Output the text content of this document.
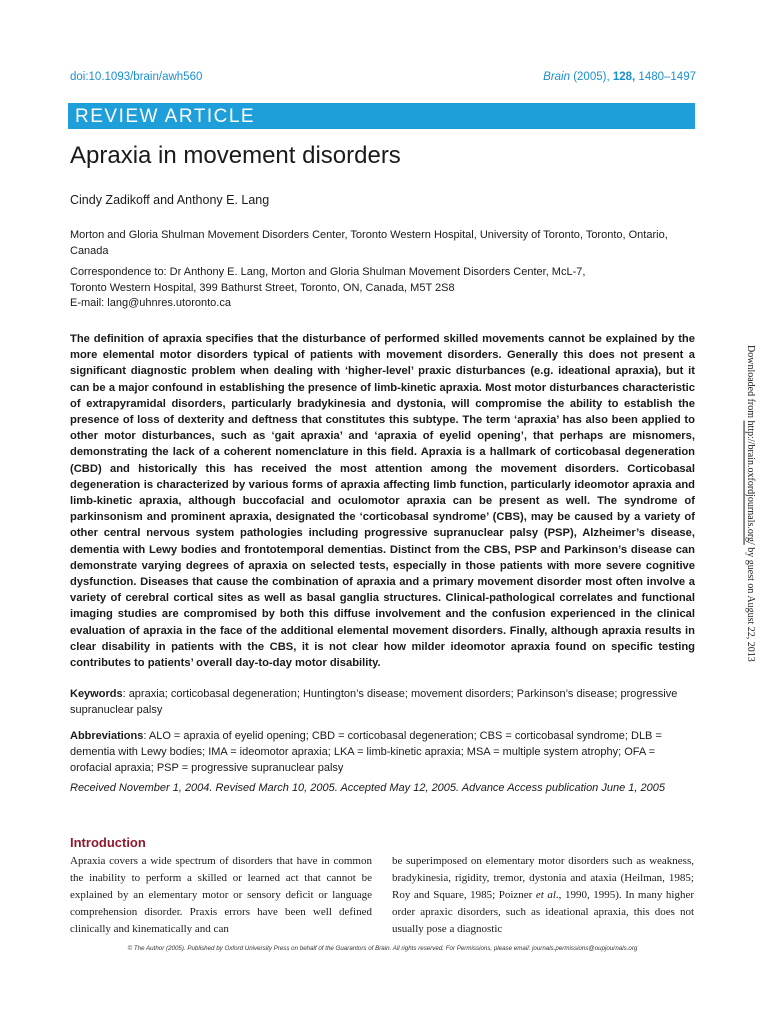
doi:10.1093/brain/awh560	Brain (2005), 128, 1480–1497
REVIEW ARTICLE
Apraxia in movement disorders
Cindy Zadikoff and Anthony E. Lang
Morton and Gloria Shulman Movement Disorders Center, Toronto Western Hospital, University of Toronto, Toronto, Ontario, Canada
Correspondence to: Dr Anthony E. Lang, Morton and Gloria Shulman Movement Disorders Center, McL-7,
Toronto Western Hospital, 399 Bathurst Street, Toronto, ON, Canada, M5T 2S8
E-mail: lang@uhnres.utoronto.ca

The definition of apraxia specifies that the disturbance of performed skilled movements cannot be explained by the more elemental motor disorders typical of patients with movement disorders. Generally this does not present a significant diagnostic problem when dealing with ‘higher-level’ praxic disturbances (e.g. ideational apraxia), but it can be a major confound in establishing the presence of limb-kinetic apraxia. Most motor disturbances characteristic of extrapyramidal disorders, particularly bradykinesia and dystonia, will compromise the ability to establish the presence of loss of dexterity and deftness that constitutes this subtype. The term ‘apraxia’ has also been applied to other motor disturbances, such as ‘gait apraxia’ and ‘apraxia of eyelid opening’, that perhaps are misnomers, demonstrating the lack of a coherent nomenclature in this field. Apraxia is a hallmark of corticobasal degeneration (CBD) and historically this has received the most attention among the movement disorders. Corticobasal degeneration is characterized by various forms of apraxia affecting limb function, particularly ideomotor apraxia and limb-kinetic apraxia, although buccofacial and oculomotor apraxia can be present as well. The syndrome of parkinsonism and prominent apraxia, designated the ‘corticobasal syndrome’ (CBS), may be caused by a variety of other central nervous system pathologies including progressive supranuclear palsy (PSP), Alzheimer’s disease, dementia with Lewy bodies and frontotemporal dementias. Distinct from the CBS, PSP and Parkinson’s disease can demonstrate varying degrees of apraxia on selected tests, especially in those patients with more severe cognitive dysfunction. Diseases that cause the combination of apraxia and a primary movement disorder most often involve a variety of cerebral cortical sites as well as basal ganglia structures. Clinical-pathological correlates and functional imaging studies are compromised by both this diffuse involvement and the confusion experienced in the clinical evaluation of apraxia in the face of the additional elemental movement disorders. Finally, although apraxia results in clear disability in patients with the CBS, it is not clear how milder ideomotor apraxia found on specific testing contributes to patients’ overall day-to-day motor disability.

Keywords: apraxia; corticobasal degeneration; Huntington’s disease; movement disorders; Parkinson’s disease; progressive supranuclear palsy
Abbreviations: ALO = apraxia of eyelid opening; CBD = corticobasal degeneration; CBS = corticobasal syndrome; DLB = dementia with Lewy bodies; IMA = ideomotor apraxia; LKA = limb-kinetic apraxia; MSA = multiple system atrophy; OFA = orofacial apraxia; PSP = progressive supranuclear palsy
Received November 1, 2004. Revised March 10, 2005. Accepted May 12, 2005. Advance Access publication June 1, 2005
Introduction
Apraxia covers a wide spectrum of disorders that have in common the inability to perform a skilled or learned act that cannot be explained by an elementary motor or sensory deficit or language comprehension disorder. Praxis errors have been well defined clinically and kinematically and can
be superimposed on elementary motor disorders such as weakness, bradykinesia, rigidity, tremor, dystonia and ataxia (Heilman, 1985; Roy and Square, 1985; Poizner et al., 1990, 1995). In many higher order apraxic disorders, such as ideational apraxia, this does not usually pose a diagnostic
© The Author (2005). Published by Oxford University Press on behalf of the Guarantors of Brain. All rights reserved. For Permissions, please email: journals.permissions@oupjournals.org
Downloaded from http://brain.oxfordjournals.org/ by guest on August 22, 2013
